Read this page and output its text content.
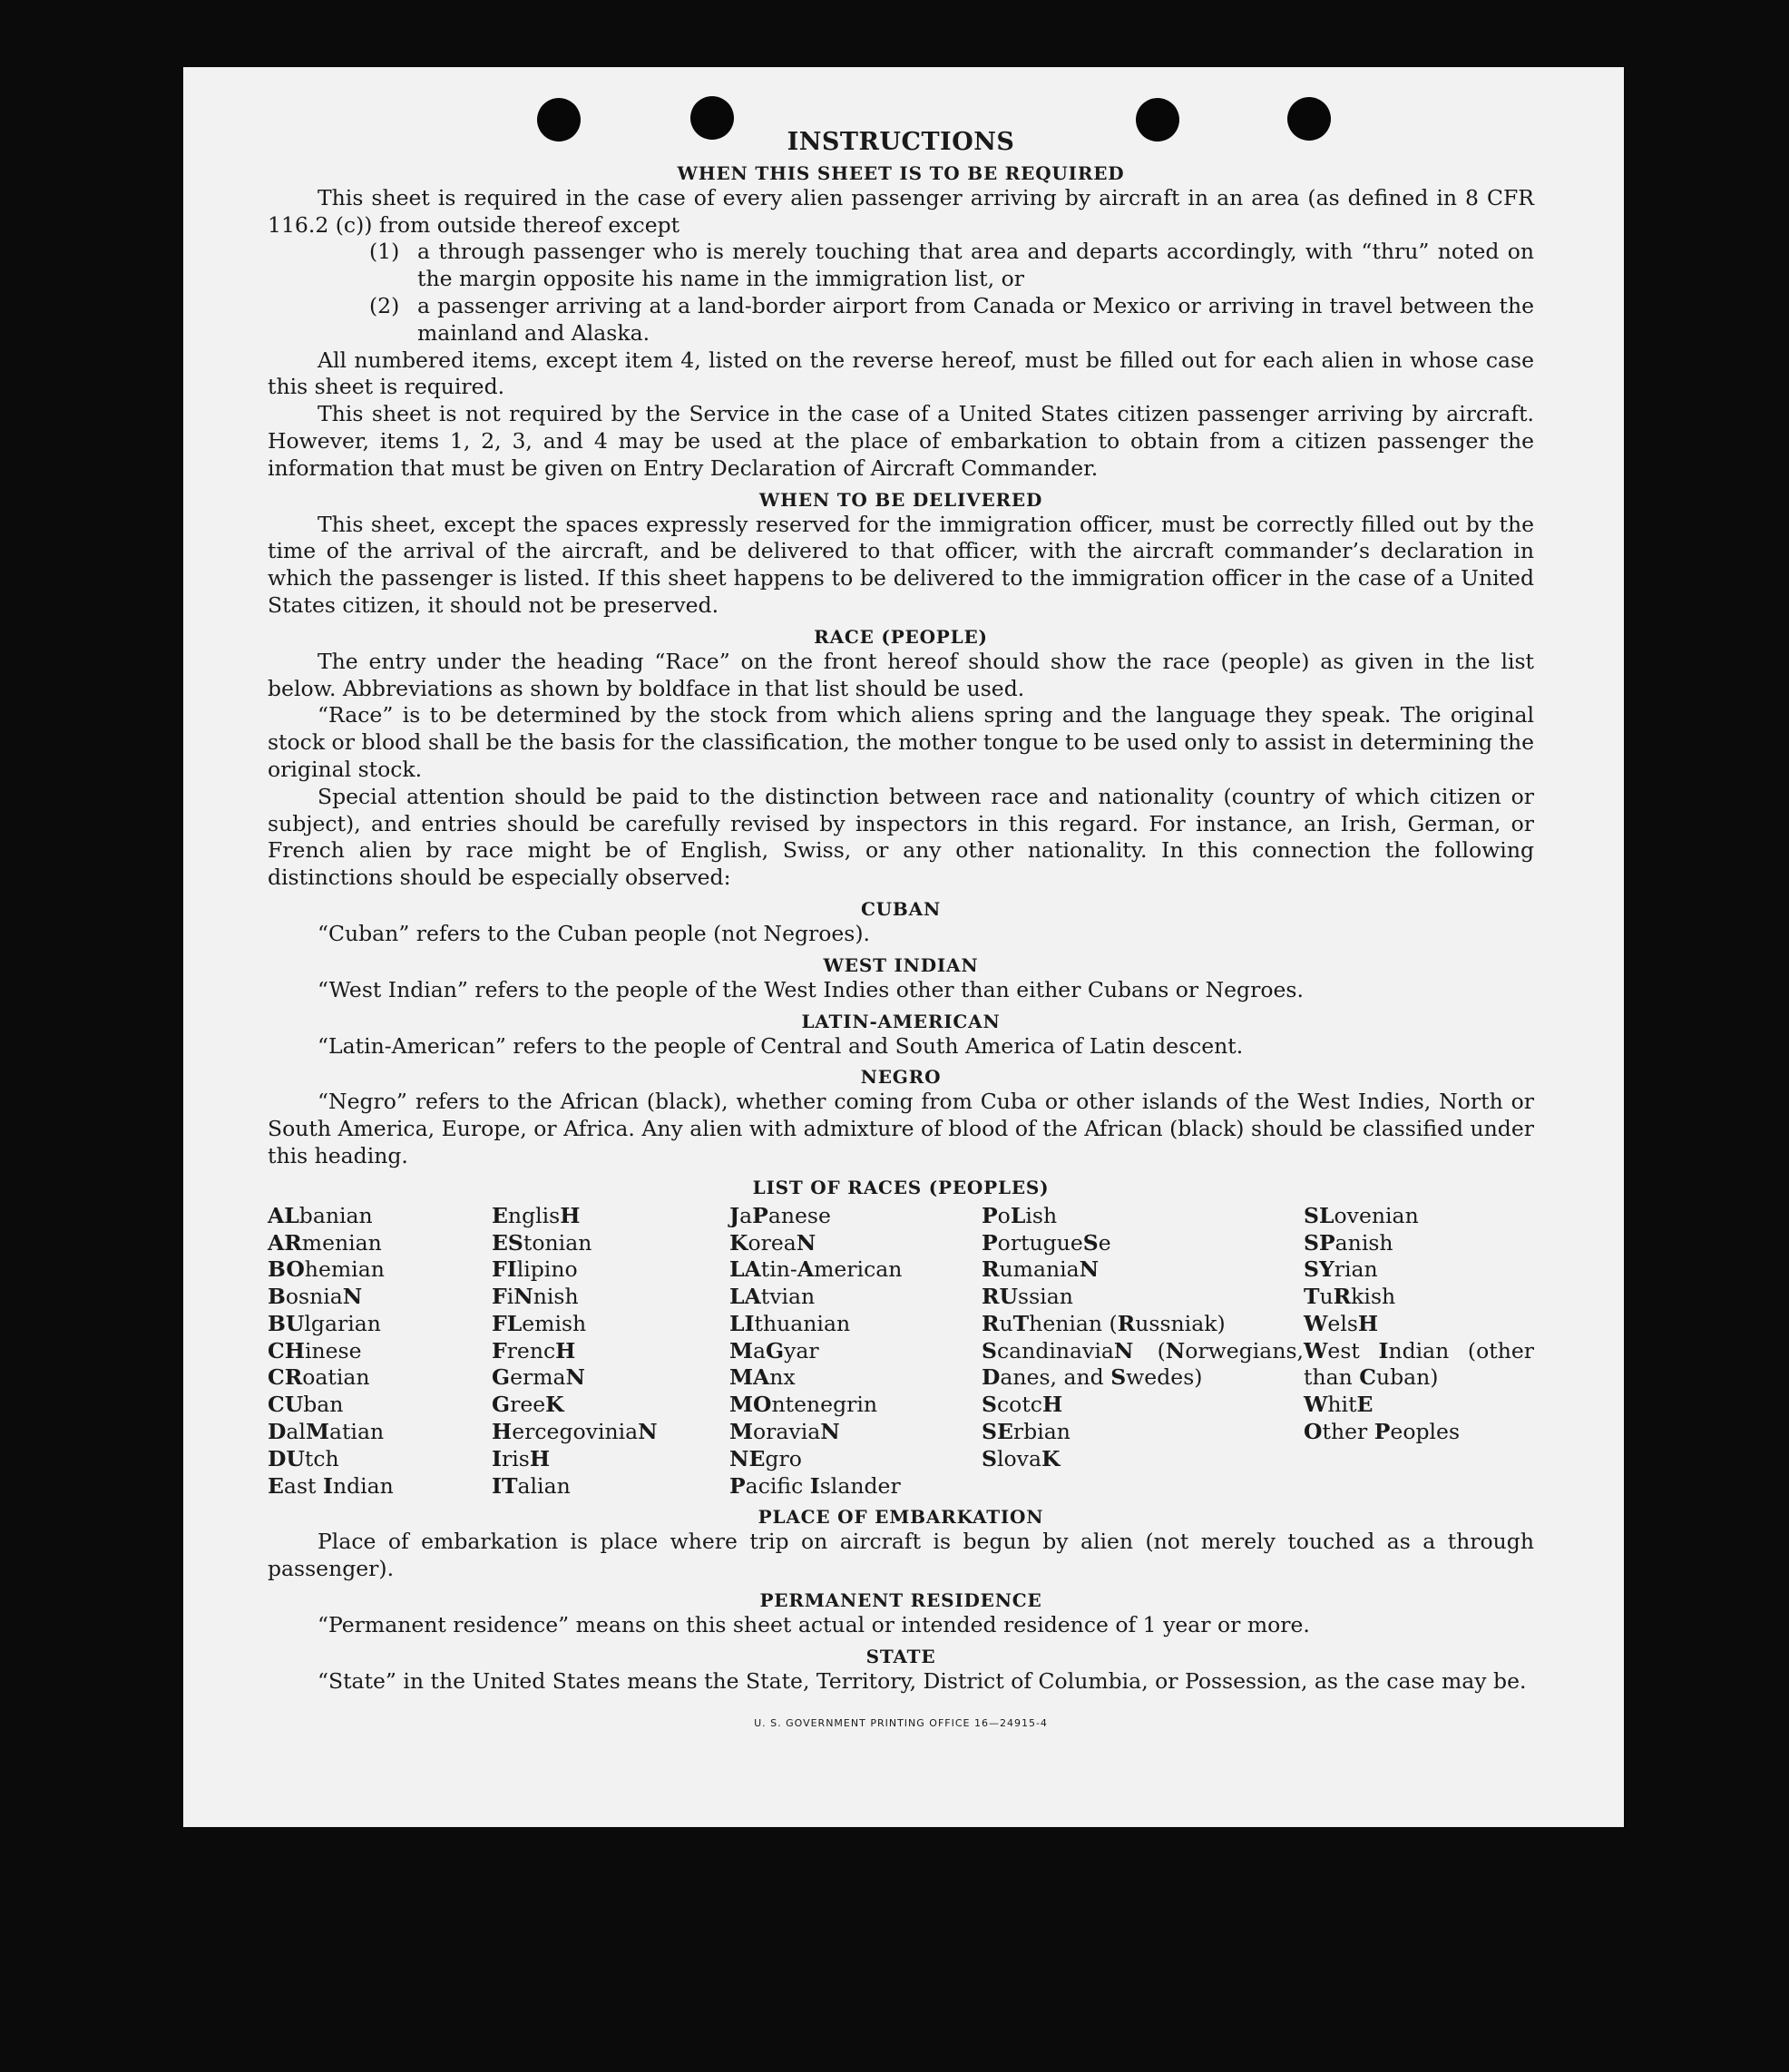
INSTRUCTIONS
WHEN THIS SHEET IS TO BE REQUIRED

This sheet is required in the case of every alien passenger arriving by aircraft in an area (as defined in 8 CFR 116.2 (c)) from outside thereof except

(1) a through passenger who is merely touching that area and departs accordingly, with “thru” noted on the margin opposite his name in the immigration list, or
(2) a passenger arriving at a land-border airport from Canada or Mexico or arriving in travel between the mainland and Alaska.

All numbered items, except item 4, listed on the reverse hereof, must be filled out for each alien in whose case this sheet is required.

This sheet is not required by the Service in the case of a United States citizen passenger arriving by aircraft. However, items 1, 2, 3, and 4 may be used at the place of embarkation to obtain from a citizen passenger the information that must be given on Entry Declaration of Aircraft Commander.

WHEN TO BE DELIVERED

This sheet, except the spaces expressly reserved for the immigration officer, must be correctly filled out by the time of the arrival of the aircraft, and be delivered to that officer, with the aircraft commander’s declaration in which the passenger is listed. If this sheet happens to be delivered to the immigration officer in the case of a United States citizen, it should not be preserved.

RACE (PEOPLE)

The entry under the heading “Race” on the front hereof should show the race (people) as given in the list below. Abbreviations as shown by boldface in that list should be used.

“Race” is to be determined by the stock from which aliens spring and the language they speak. The original stock or blood shall be the basis for the classification, the mother tongue to be used only to assist in determining the original stock.

Special attention should be paid to the distinction between race and nationality (country of which citizen or subject), and entries should be carefully revised by inspectors in this regard. For instance, an Irish, German, or French alien by race might be of English, Swiss, or any other nationality. In this connection the following distinctions should be especially observed:

CUBAN

“Cuban” refers to the Cuban people (not Negroes).

WEST INDIAN

“West Indian” refers to the people of the West Indies other than either Cubans or Negroes.

LATIN-AMERICAN

“Latin-American” refers to the people of Central and South America of Latin descent.

NEGRO

“Negro” refers to the African (black), whether coming from Cuba or other islands of the West Indies, North or South America, Europe, or Africa. Any alien with admixture of blood of the African (black) should be classified under this heading.

LIST OF RACES (PEOPLES)
ALbanian
ARmenian
BOhemian
BosniaN
BUlgarian
CHinese
CRoatian
CUban
DalMatian
DUtch
East Indian
EnglisH
EStonian
FIlipino
FiNnish
FLemish
FrencH
GermaN
GreeK
HercegoviniaN
IrisH
ITalian
JaPanese
KoreaN
LAtin-American
LAtvian
LIthuanian
MaGyar
MAnx
MOntenegrin
MoraviaN
NEgro
Pacifc Islander
PoLish
PortugueSe
RumaniaN
RUssian
RuThenian (Russniak)
ScandinaviaN (Norwegians, Danes, and Swedes)
ScotcH
SErbian
SlovaK
SLovenian
SPanish
SYrian
TuRkish
WelsH
West Indian (other than Cuban)
WhitE
Other Peoples
PLACE OF EMBARKATION

Place of embarkation is place where trip on aircraft is begun by alien (not merely touched as a through passenger).

PERMANENT RESIDENCE

“Permanent residence” means on this sheet actual or intended residence of 1 year or more.

STATE

“State” in the United States means the State, Territory, District of Columbia, or Possession, as the case may be.

U. S. GOVERNMENT PRINTING OFFICE 16—24915-4
